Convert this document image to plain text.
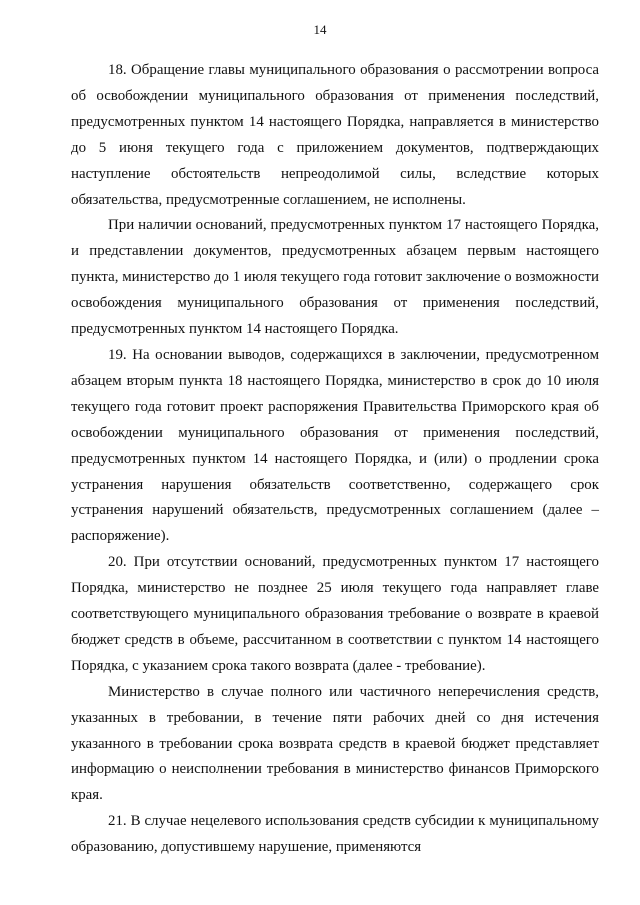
14

18. Обращение главы муниципального образования о рассмотрении вопроса об освобождении муниципального образования от применения последствий, предусмотренных пунктом 14 настоящего Порядка, направляется в министерство до 5 июня текущего года с приложением документов, подтверждающих наступление обстоятельств непреодолимой силы, вследствие которых обязательства, предусмотренные соглашением, не исполнены.

При наличии оснований, предусмотренных пунктом 17 настоящего Порядка, и представлении документов, предусмотренных абзацем первым настоящего пункта, министерство до 1 июля текущего года готовит заключение о возможности освобождения муниципального образования от применения последствий, предусмотренных пунктом 14 настоящего Порядка.

19. На основании выводов, содержащихся в заключении, предусмотренном абзацем вторым пункта 18 настоящего Порядка, министерство в срок до 10 июля текущего года готовит проект распоряжения Правительства Приморского края об освобождении муниципального образования от применения последствий, предусмотренных пунктом 14 настоящего Порядка, и (или) о продлении срока устранения нарушения обязательств соответственно, содержащего срок устранения нарушений обязательств, предусмотренных соглашением (далее – распоряжение).

20. При отсутствии оснований, предусмотренных пунктом 17 настоящего Порядка, министерство не позднее 25 июля текущего года направляет главе соответствующего муниципального образования требование о возврате в краевой бюджет средств в объеме, рассчитанном в соответствии с пунктом 14 настоящего Порядка, с указанием срока такого возврата (далее - требование).

Министерство в случае полного или частичного неперечисления средств, указанных в требовании, в течение пяти рабочих дней со дня истечения указанного в требовании срока возврата средств в краевой бюджет представляет информацию о неисполнении требования в министерство финансов Приморского края.

21. В случае нецелевого использования средств субсидии к муниципальному образованию, допустившему нарушение, применяются
